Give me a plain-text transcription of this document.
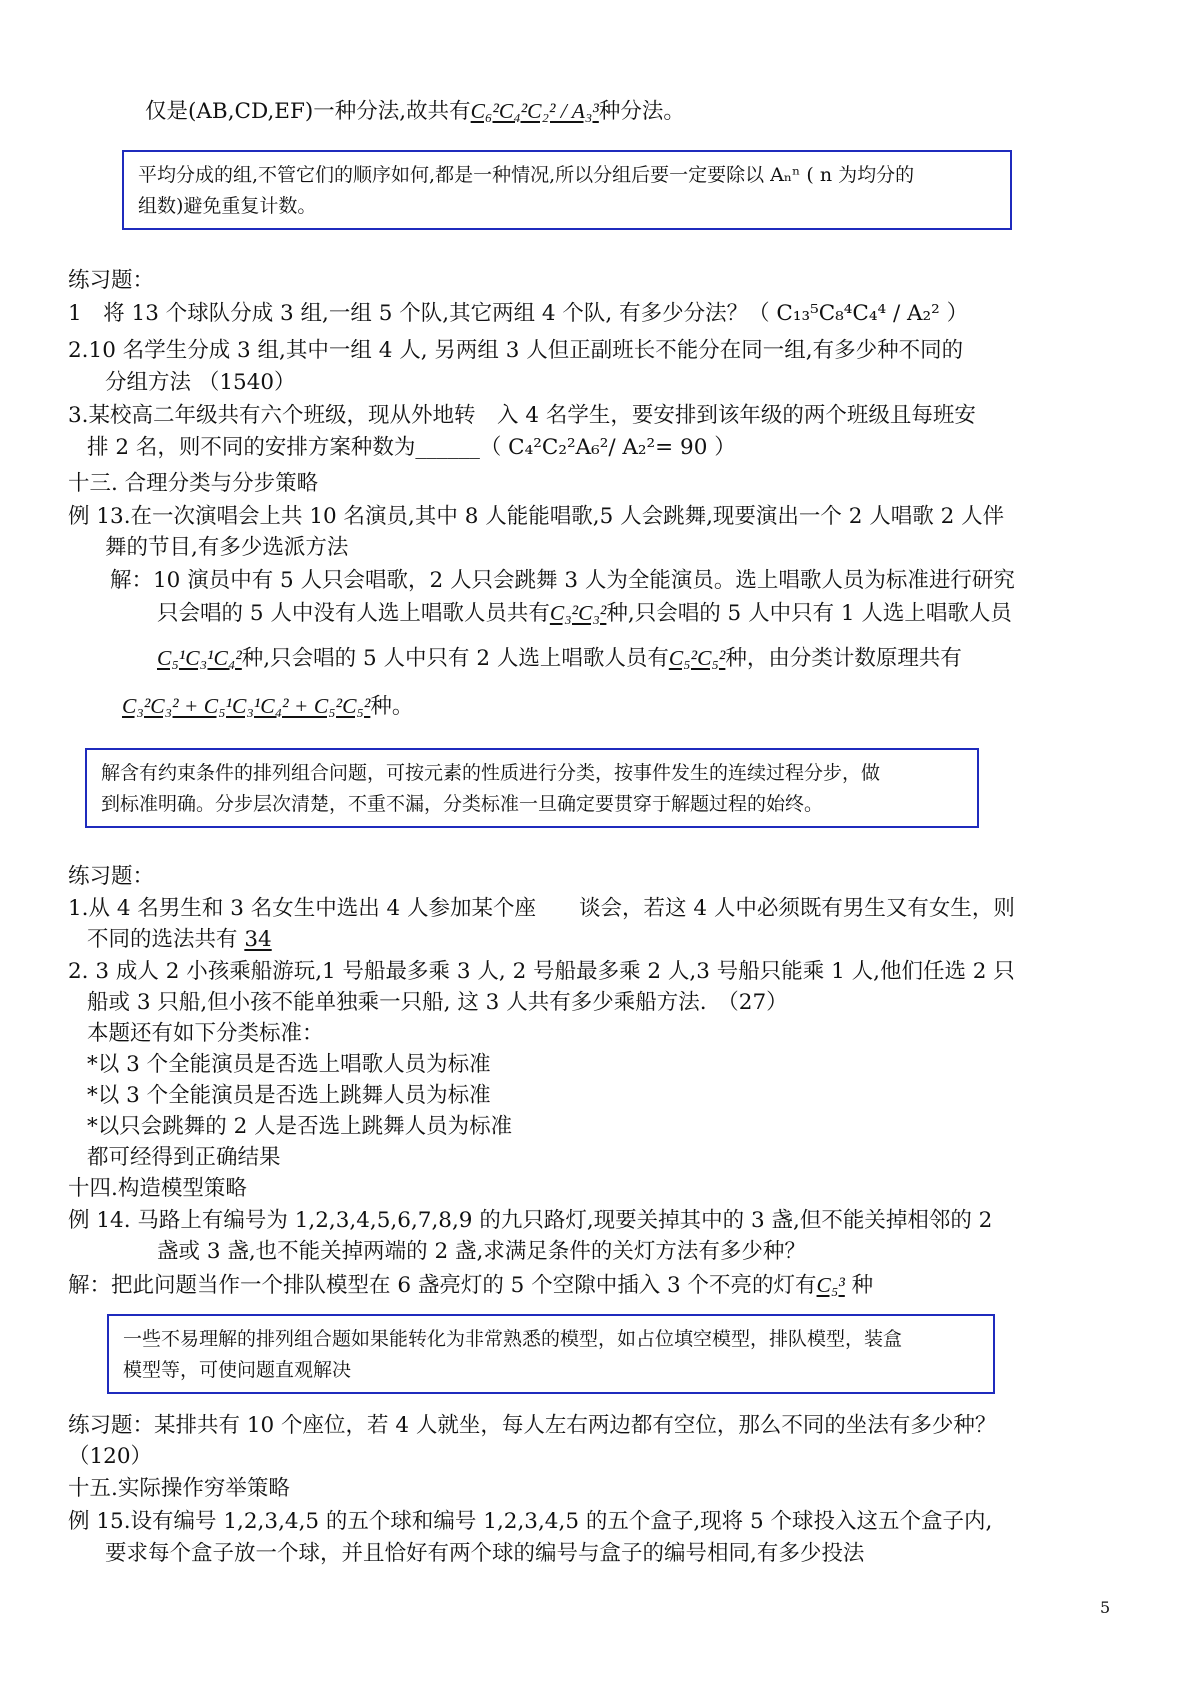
仅是(AB,CD,EF)一种分法,故共有C₆²C₄²C₂² / A₃³种分法。
平均分成的组,不管它们的顺序如何,都是一种情况,所以分组后要一定要除以 Aₙⁿ ( n 为均分的
组数)避免重复计数。
练习题：
1　将 13 个球队分成 3 组,一组 5 个队,其它两组 4 个队, 有多少分法？（ C₁₃⁵C₈⁴C₄⁴ / A₂² ）
2.10 名学生分成 3 组,其中一组 4 人, 另两组 3 人但正副班长不能分在同一组,有多少种不同的
分组方法 （1540）
3.某校高二年级共有六个班级，现从外地转　入 4 名学生，要安排到该年级的两个班级且每班安
排 2 名，则不同的安排方案种数为______（ C₄²C₂²A₆²/ A₂²= 90 ）
十三. 合理分类与分步策略
例 13.在一次演唱会上共 10 名演员,其中 8 人能能唱歌,5 人会跳舞,现要演出一个 2 人唱歌 2 人伴
舞的节目,有多少选派方法
解：10 演员中有 5 人只会唱歌，2 人只会跳舞 3 人为全能演员。选上唱歌人员为标准进行研究
只会唱的 5 人中没有人选上唱歌人员共有C₃²C₃²种,只会唱的 5 人中只有 1 人选上唱歌人员
C₅¹C₃¹C₄²种,只会唱的 5 人中只有 2 人选上唱歌人员有C₅²C₅²种，由分类计数原理共有
C₃²C₃² + C₅¹C₃¹C₄² + C₅²C₅²种。
解含有约束条件的排列组合问题，可按元素的性质进行分类，按事件发生的连续过程分步，做
到标准明确。分步层次清楚，不重不漏，分类标准一旦确定要贯穿于解题过程的始终。
练习题：
1.从 4 名男生和 3 名女生中选出 4 人参加某个座　　谈会，若这 4 人中必须既有男生又有女生，则
不同的选法共有 34
2. 3 成人 2 小孩乘船游玩,1 号船最多乘 3 人, 2 号船最多乘 2 人,3 号船只能乘 1 人,他们任选 2 只
船或 3 只船,但小孩不能单独乘一只船, 这 3 人共有多少乘船方法.　（27）
本题还有如下分类标准：
*以 3 个全能演员是否选上唱歌人员为标准
*以 3 个全能演员是否选上跳舞人员为标准
*以只会跳舞的 2 人是否选上跳舞人员为标准
都可经得到正确结果
十四.构造模型策略
例 14. 马路上有编号为 1,2,3,4,5,6,7,8,9 的九只路灯,现要关掉其中的 3 盏,但不能关掉相邻的 2
盏或 3 盏,也不能关掉两端的 2 盏,求满足条件的关灯方法有多少种？
解：把此问题当作一个排队模型在 6 盏亮灯的 5 个空隙中插入 3 个不亮的灯有C₅³ 种
一些不易理解的排列组合题如果能转化为非常熟悉的模型，如占位填空模型，排队模型，装盒
模型等，可使问题直观解决
练习题：某排共有 10 个座位，若 4 人就坐，每人左右两边都有空位，那么不同的坐法有多少种？
（120）
十五.实际操作穷举策略
例 15.设有编号 1,2,3,4,5 的五个球和编号 1,2,3,4,5 的五个盒子,现将 5 个球投入这五个盒子内,
要求每个盒子放一个球，并且恰好有两个球的编号与盒子的编号相同,有多少投法
5
